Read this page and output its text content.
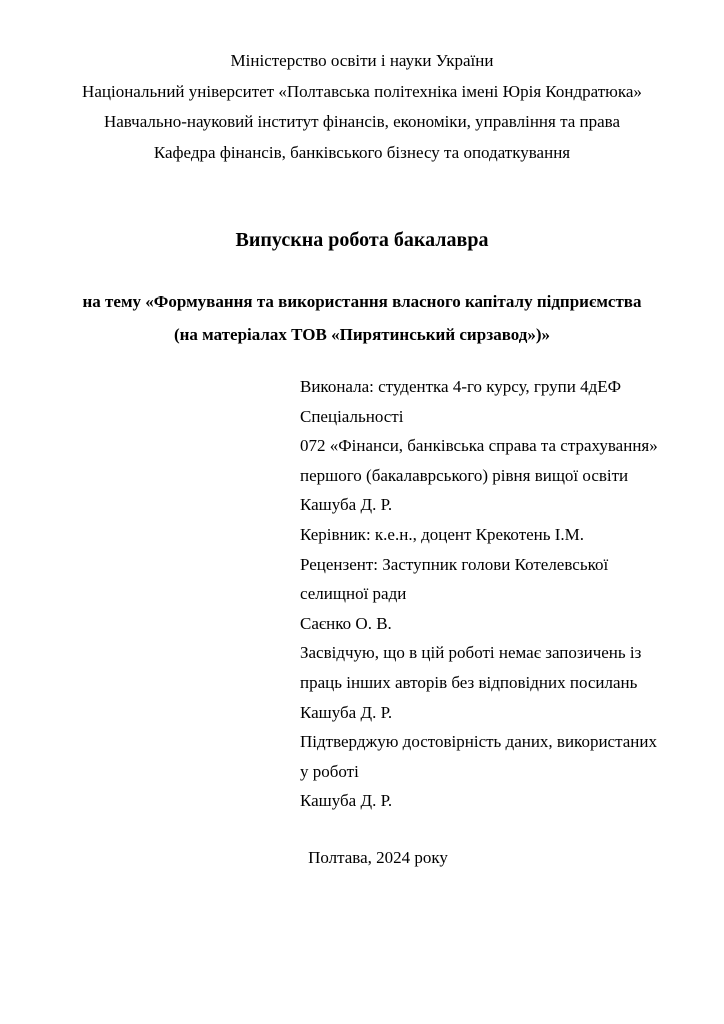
Міністерство освіти і науки України
Національний університет «Полтавська політехніка імені Юрія Кондратюка»
Навчально-науковий інститут фінансів, економіки, управління та права
Кафедра фінансів, банківського бізнесу та оподаткування
Випускна робота бакалавра
на тему «Формування та використання власного капіталу підприємства
(на матеріалах ТОВ «Пирятинський сирзавод»)»
Виконала: студентка 4-го курсу, групи 4дЕФ
Спеціальності
072 «Фінанси, банківська справа та страхування»
першого (бакалаврського) рівня вищої освіти
Кашуба Д. Р.
Керівник: к.е.н., доцент Крекотень І.М.
Рецензент: Заступник голови Котелевської
селищної ради
Саєнко О. В.
Засвідчую, що в цій роботі немає запозичень із
праць інших авторів без відповідних посилань
Кашуба Д. Р.
Підтверджую достовірність даних, використаних
у роботі
Кашуба Д. Р.
Полтава, 2024 року
